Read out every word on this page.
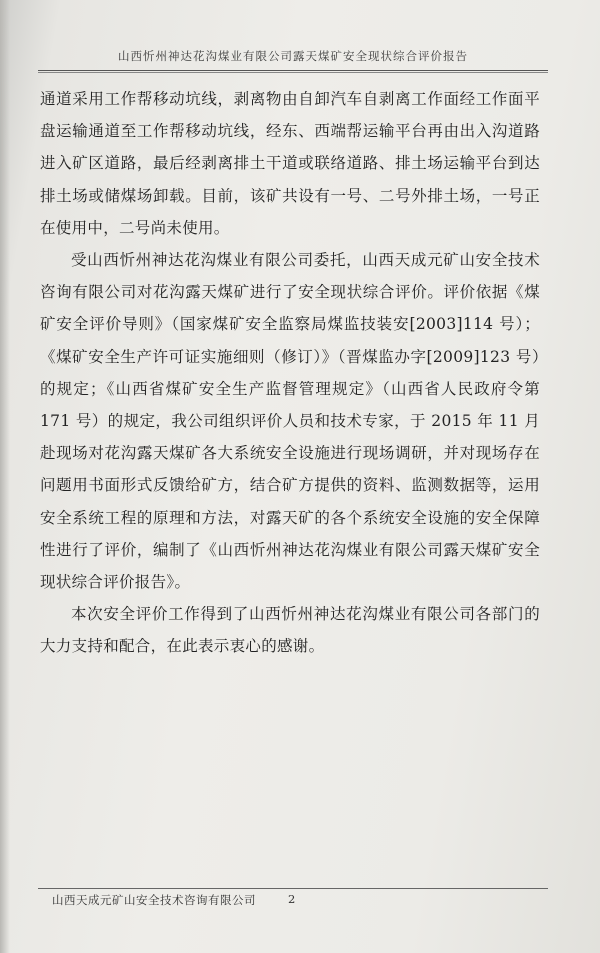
山西忻州神达花沟煤业有限公司露天煤矿安全现状综合评价报告

通道采用工作帮移动坑线，剥离物由自卸汽车自剥离工作面经工作面平盘运输通道至工作帮移动坑线，经东、西端帮运输平台再由出入沟道路进入矿区道路，最后经剥离排土干道或联络道路、排土场运输平台到达排土场或储煤场卸载。目前，该矿共设有一号、二号外排土场，一号正在使用中，二号尚未使用。

受山西忻州神达花沟煤业有限公司委托，山西天成元矿山安全技术咨询有限公司对花沟露天煤矿进行了安全现状综合评价。评价依据《煤矿安全评价导则》（国家煤矿安全监察局煤监技装安[2003]114 号）；《煤矿安全生产许可证实施细则（修订）》（晋煤监办字[2009]123 号）的规定；《山西省煤矿安全生产监督管理规定》（山西省人民政府令第 171 号）的规定，我公司组织评价人员和技术专家，于 2015 年 11 月赴现场对花沟露天煤矿各大系统安全设施进行现场调研，并对现场存在问题用书面形式反馈给矿方，结合矿方提供的资料、监测数据等，运用安全系统工程的原理和方法，对露天矿的各个系统安全设施的安全保障性进行了评价，编制了《山西忻州神达花沟煤业有限公司露天煤矿安全现状综合评价报告》。

本次安全评价工作得到了山西忻州神达花沟煤业有限公司各部门的大力支持和配合，在此表示衷心的感谢。

山西天成元矿山安全技术咨询有限公司	2
